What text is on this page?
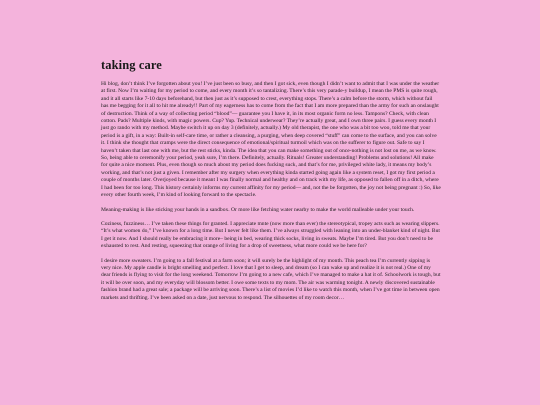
taking care

Hi blog, don’t think I’ve forgotten about you! I’ve just been so busy, and then I got sick, even though I didn’t want to admit that I was under the weather at first. Now I’m waiting for my period to come, and every month it’s so tantalizing. There’s this very parade-y buildup, I mean the PMS is quite rough, and it all starts like 7-10 days beforehand, but then just as it’s supposed to crest, everything stops. There’s a calm before the storm, which without fail has me begging for it all to hit me already!! Part of my eagerness has to come from the fact that I am more prepared than the army for such an onslaught of destruction. Think of a way of collecting period “blood”— guarantee you I have it, in its most organic form no less. Tampons? Check, with clean cotton. Pads? Multiple kinds, with magic powers. Cup? Yup. Technical underwear? They’re actually great, and I own three pairs. I guess every month I just go rando with my method. Maybe switch it up on day 3 (definitely, actually.) My old therapist, the one who was a bit too woo, told me that your period is a gift, in a way: Built-in self-care time, or rather a cleansing, a purging, when deep covered “stuff” can come to the surface, and you can solve it. I think she thought that cramps were the direct consequence of emotional/spiritual turmoil which was on the sufferer to figure out. Safe to say I haven’t taken that last one with me, but the rest sticks, kinda. The idea that you can make something out of once-nothing is not lost on me, as we know. So, being able to ceremonify your period, yeah sure, I’m there. Definitely, actually. Rituals! Greater understanding! Problems and solutions! All make for quite a nice moment. Plus, even though so much about my period does fucking suck, and that’s for me, privileged white lady, it means my body’s working, and that’s not just a given. I remember after my surgery when everything kinda started going again like a system reset, I got my first period a couple of months later. Overjoyed because it meant I was finally normal and healthy and on track with my life, as opposed to fallen off in a ditch, where I had been for too long. This history certainly informs my current affinity for my period— and, not the be forgotten, the joy not being pregnant :) So, like every other fourth week, I’m kind of looking forward to the spectacle.

Meaning-making is like sticking your hands in a sandbox. Or more like fetching water nearby to make the world malleable under your touch.

Coziness, fuzziness… I’ve taken these things for granted. I appreciate mnte (now more than ever) the stereotypical, tropey acts such as wearing slippers. “It’s what women do,” I’ve known for a long time. But I never felt like them. I’ve always struggled with leaning into an under-blanket kind of night. But I get it now. And I should really be embracing it more– being in bed, wearing thick socks, living in sweats. Maybe I’m tired. But you don’t need to be exhausted to rest. And resting, squeezing that orange of living for a drop of sweetness, what more could we be here for?

I desire more sweaters. I’m going to a fall festival at a farm soon; it will surely be the highlight of my month. This peach tea I’m currently sipping is very nice. My apple candle is bright smelling and perfect. I love that I get to sleep, and dream (so I can wake up and realize it is not real.) One of my dear friends is flying to visit for the long weekend. Tomorrow I’m going to a new cafe, which I’ve managed to make a hat it of. Schoolwork is tough, but it will be over soon, and my everyday will blossom better. I owe some texts to my mom. The air was warming tonight. A newly discovered sustainable fashion brand had a great sale; a package will be arriving soon. There’s a list of movies I’d like to watch this month, when I’ve got time in between open markets and thrifting. I’ve been asked on a date, just nervous to respond. The silhouettes of my room decor…
